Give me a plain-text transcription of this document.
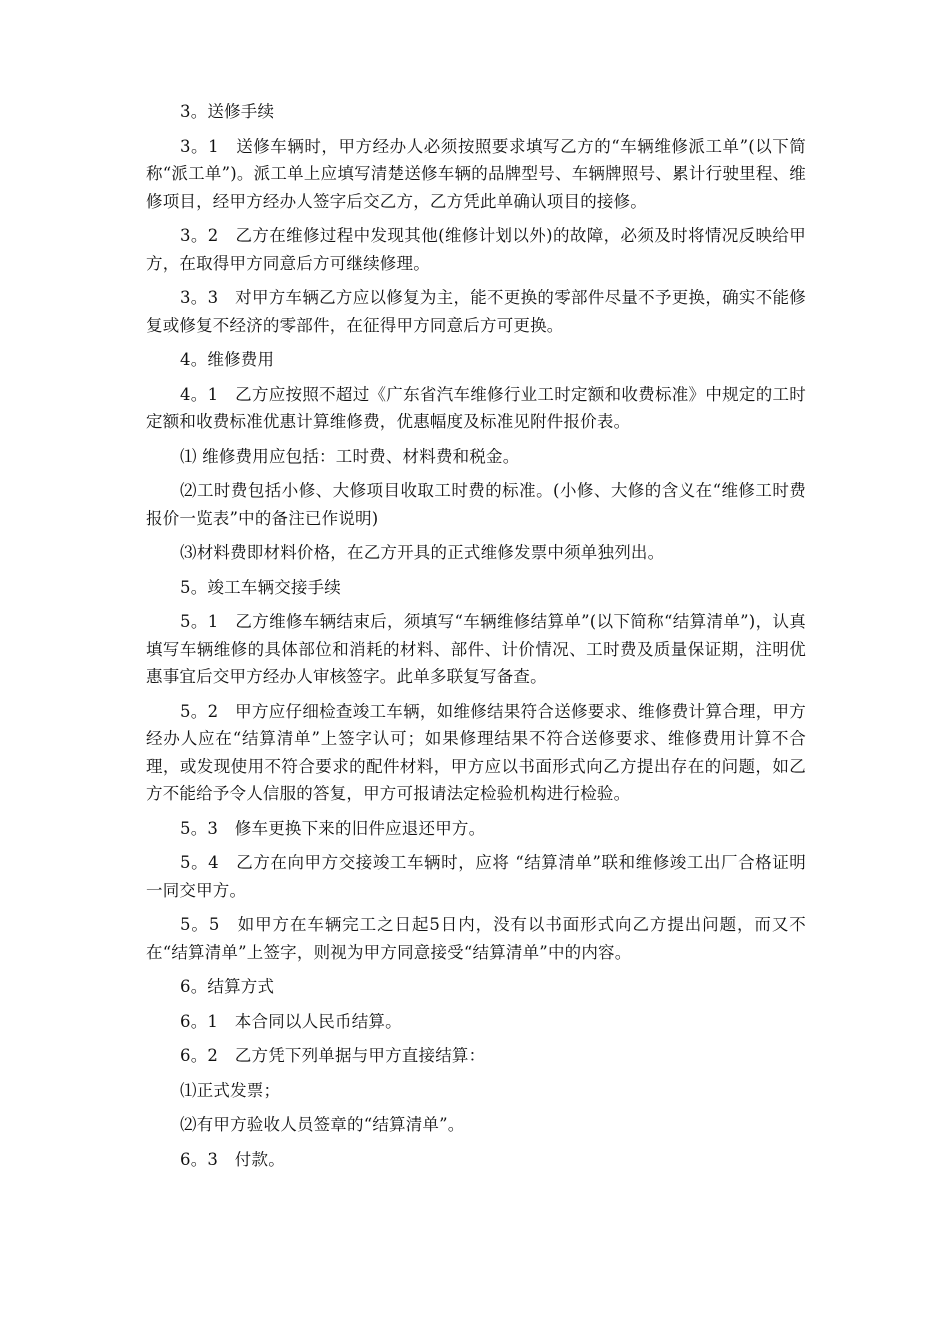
3。送修手续

3。1　送修车辆时，甲方经办人必须按照要求填写乙方的“车辆维修派工单”(以下简称“派工单”)。派工单上应填写清楚送修车辆的品牌型号、车辆牌照号、累计行驶里程、维修项目，经甲方经办人签字后交乙方，乙方凭此单确认项目的接修。

3。2　乙方在维修过程中发现其他(维修计划以外)的故障，必须及时将情况反映给甲方，在取得甲方同意后方可继续修理。

3。3　对甲方车辆乙方应以修复为主，能不更换的零部件尽量不予更换，确实不能修复或修复不经济的零部件，在征得甲方同意后方可更换。

4。维修费用

4。1　乙方应按照不超过《广东省汽车维修行业工时定额和收费标准》中规定的工时定额和收费标准优惠计算维修费，优惠幅度及标准见附件报价表。

⑴ 维修费用应包括：工时费、材料费和税金。

⑵工时费包括小修、大修项目收取工时费的标准。(小修、大修的含义在“维修工时费报价一览表”中的备注已作说明)

⑶材料费即材料价格，在乙方开具的正式维修发票中须单独列出。

5。竣工车辆交接手续

5。1　乙方维修车辆结束后，须填写“车辆维修结算单”(以下简称“结算清单”)，认真填写车辆维修的具体部位和消耗的材料、部件、计价情况、工时费及质量保证期，注明优惠事宜后交甲方经办人审核签字。此单多联复写备查。

5。2　甲方应仔细检查竣工车辆，如维修结果符合送修要求、维修费计算合理，甲方经办人应在“结算清单”上签字认可；如果修理结果不符合送修要求、维修费用计算不合理，或发现使用不符合要求的配件材料，甲方应以书面形式向乙方提出存在的问题，如乙方不能给予令人信服的答复，甲方可报请法定检验机构进行检验。

5。3　修车更换下来的旧件应退还甲方。

5。4　乙方在向甲方交接竣工车辆时，应将 “结算清单”联和维修竣工出厂合格证明一同交甲方。

5。5　如甲方在车辆完工之日起5日内，没有以书面形式向乙方提出问题，而又不在“结算清单”上签字，则视为甲方同意接受“结算清单”中的内容。

6。结算方式

6。1　本合同以人民币结算。

6。2　乙方凭下列单据与甲方直接结算：

⑴正式发票；

⑵有甲方验收人员签章的“结算清单”。

6。3　付款。
